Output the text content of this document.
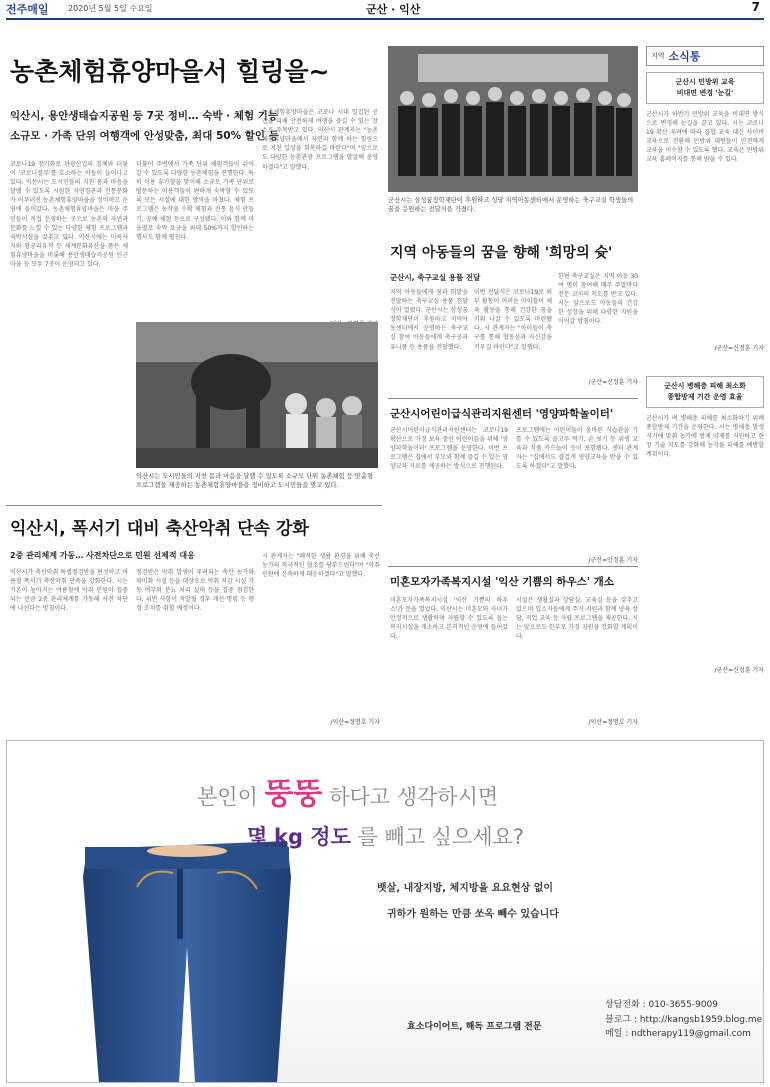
전주매일 2020년 5월 5일 수요일	군산 · 익산	7
농촌체험휴양마을서 힐링을~
익산시, 용안생태습지공원 등 7곳 정비… 숙박 · 체험 기능
소규모 · 가족 단위 여행객에 안성맞춤, 최대 50% 할인 등
코로나19 장기화로 관광산업의 침체와 더불어 '코로나블루'를 호소하는 이들이 늘어나고 있다. 익산시는 도시민들의 지친 몸과 마음을 달랠 수 있도록 시원한 자연경관과 전통문화가 어우러진 농촌체험휴양마을을 정비하고 운영에 들어갔다. 농촌체험휴양마을은 마을 주민들이 직접 운영하는 곳으로 농촌의 자연과 문화를 느낄 수 있는 다양한 체험 프로그램과 숙박시설을 갖추고 있다. 익산시에는 미륵사지와 왕궁리유적 등 세계문화유산을 품은 체험휴양마을을 비롯해 용안생태습지공원 인근 마을 등 모두 7곳이 운영되고 있다.
더불어 주변에서 가족 단위 체험객들이 쉬어갈 수 있도록 다양한 농촌체험을 진행한다. 특히 이용 휴가철을 맞이해 소규모 가족 단위로 방문하는 이용객들이 편하게 숙박할 수 있도록 모든 시설에 대한 방역을 마쳤다. 체험 프로그램은 농작물 수확 체험과 전통 음식 만들기, 공예 체험 등으로 구성됐다. 이와 함께 마을별로 숙박 요금을 최대 50%까지 할인하는 행사도 함께 펼친다.
농촌체험휴양마을은 코로나 시대 밀집된 공간을 피해 안전하게 여행을 즐길 수 있는 장소로 주목받고 있다. 익산시 관계자는 "농촌체험휴양마을에서 자연과 함께 하는 힐링으로 지친 일상을 회복하길 바란다"며 "앞으로도 다양한 농촌관광 프로그램을 발굴해 운영하겠다"고 말했다.
익산시는 도시민들의 지친 몸과 마음을 달랠 수 있도록 소규모 단위 농촌체험 등 맞춤형 프로그램을 제공하는 농촌체험휴양마을을 정비하고 도시민들을 맞고 있다.
군산시는 삼성꿈장학재단이 후원하고 성당 지역아동센터에서 운영하는 축구교실 학생들의 꿈을 응원하는 전달식을 가졌다.
지역 아동들의 꿈을 향해 '희망의 슛'
군산시, 축구교실 용품 전달
지역 아동들에게 꿈과 희망을 전달하는 축구교실 용품 전달식이 열렸다. 군산시는 삼성꿈장학재단이 후원하고 지역아동센터에서 운영하는 축구교실 참여 아동들에게 축구공과 유니폼 등 용품을 전달했다.
이번 전달식은 코로나19로 외부 활동이 어려운 아이들이 체육 활동을 통해 건강한 꿈을 키워 나갈 수 있도록 마련됐다. 시 관계자는 "아이들이 축구를 통해 협동심과 자신감을 키우길 바란다"고 말했다.
한편 축구교실은 지역 아동 30여 명이 참여해 매주 주말마다 전문 코치의 지도를 받고 있다. 시는 앞으로도 아동들의 건강한 성장을 위해 다양한 지원을 이어갈 방침이다.
/군산=신정훈 기자
군산시어린이급식관리지원센터 '영양파학놀이터'
군산시어린이급식관리지원센터는 코로나19 확산으로 가정 보육 중인 어린이들을 위해 '영양파학놀이터' 프로그램을 운영한다. 이번 프로그램은 집에서 부모와 함께 즐길 수 있는 영양교육 자료를 제공하는 방식으로 진행된다.
프로그램에는 어린이들이 올바른 식습관을 기를 수 있도록 골고루 먹기, 손 씻기 등 위생 교육과 식품 카드놀이 등이 포함됐다. 센터 관계자는 "집에서도 즐겁게 영양교육을 받을 수 있도록 하겠다"고 말했다.
/군산=안정훈 기자
미혼모자가족복지시설 '익산 기쁨의 하우스' 개소
미혼모자가족복지시설 '익산 기쁨의 하우스'가 문을 열었다. 익산시는 미혼모와 자녀가 안정적으로 생활하며 자립할 수 있도록 돕는 복지시설을 개소하고 본격적인 운영에 들어갔다.
시설은 생활실과 상담실, 교육실 등을 갖추고 있으며 입소자들에게 주거 지원과 함께 양육 상담, 직업 교육 등 자립 프로그램을 제공한다. 시는 앞으로도 한부모 가정 지원을 강화할 계획이다.
/익산=정명호 기자
익산시, 폭서기 대비 축산악취 단속 강화
2중 관리체계 가동… 사전차단으로 민원 선제적 대응
익산시가 축산악취 특별점검반을 편성하고 여름철 폭서기 축산악취 단속을 강화한다. 시는 기온이 높아지는 여름철에 악취 민원이 집중되는 만큼 2중 관리체계를 가동해 사전 차단에 나선다는 방침이다.
점검반은 악취 발생이 우려되는 축산 농가와 퇴비화 시설 등을 대상으로 악취 저감 시설 가동 여부와 분뇨 처리 실태 등을 집중 점검한다. 위반 사항이 적발될 경우 개선 명령 등 행정 조치를 취할 예정이다.
시 관계자는 "쾌적한 생활 환경을 위해 축산 농가의 적극적인 협조를 당부드린다"며 "악취 민원에 신속하게 대응하겠다"고 말했다.
/익산=정명호 기자
지역 소식통
군산시 민방위 교육
비대면 변경 '눈길'
군산시가 하반기 민방위 교육을 비대면 방식으로 변경해 눈길을 끌고 있다. 시는 코로나19 확산 우려에 따라 집합 교육 대신 사이버 교육으로 전환해 민방위 대원들이 안전하게 교육을 이수할 수 있도록 했다. 교육은 민방위 교육 홈페이지를 통해 받을 수 있다.
/군산=신정훈 기자
군산시 병해충 피해 최소화
종합방제 기간 운영 효율
군산시가 벼 병해충 피해를 최소화하기 위해 종합방제 기간을 운영한다. 시는 병해충 발생 시기에 맞춰 농가에 방제 약제를 지원하고 현장 기술 지도를 강화해 농작물 피해를 예방할 계획이다.
/군산=신정훈 기자
본인이 뚱뚱 하다고 생각하시면
몇 kg 정도 를 빼고 싶으세요?
뱃살, 내장지방, 체지방을 요요현상 없이
귀하가 원하는 만큼 쏘옥 빼수 있습니다
효소다이어트, 해독 프로그램 전문
상담전화 : 010-3655-9009
블로그 : http://kangsb1959.blog.me
메일 : ndtherapy119@gmail.com
